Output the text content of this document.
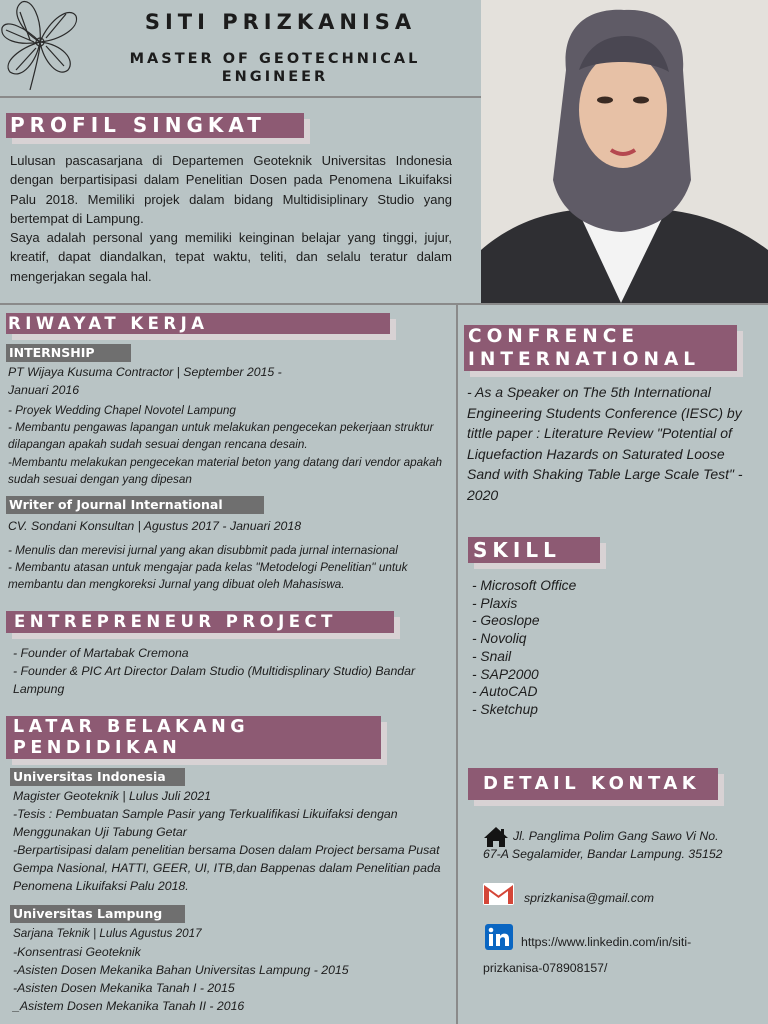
SITI PRIZKANISA
MASTER OF GEOTECHNICAL
ENGINEER
PROFIL SINGKAT
Lulusan pascasarjana di Departemen Geoteknik Universitas Indonesia dengan berpartisipasi dalam Penelitian Dosen pada Penomena Likuifaksi Palu 2018. Memiliki projek dalam bidang Multidisiplinary Studio yang bertempat di Lampung.
Saya adalah personal yang memiliki keinginan belajar yang tinggi, jujur, kreatif, dapat diandalkan, tepat waktu, teliti, dan selalu teratur dalam mengerjakan segala hal.
RIWAYAT KERJA
INTERNSHIP
PT Wijaya Kusuma Contractor | September 2015 - Januari 2016
- Proyek Wedding Chapel Novotel Lampung
- Membantu pengawas lapangan untuk melakukan pengecekan pekerjaan struktur dilapangan apakah sudah sesuai dengan rencana desain.
-Membantu melakukan pengecekan material beton yang datang dari vendor apakah sudah sesuai dengan yang dipesan
Writer of Journal International
CV. Sondani Konsultan | Agustus 2017 - Januari 2018
- Menulis dan merevisi jurnal yang akan disubbmit pada jurnal internasional
- Membantu atasan untuk mengajar pada kelas "Metodelogi Penelitian" untuk membantu dan mengkoreksi Jurnal yang dibuat oleh Mahasiswa.
ENTREPRENEUR PROJECT
- Founder of Martabak Cremona
- Founder & PIC Art Director Dalam Studio (Multidisplinary Studio) Bandar Lampung
LATAR BELAKANG
PENDIDIKAN
Universitas Indonesia
Magister Geoteknik | Lulus Juli 2021
-Tesis : Pembuatan Sample Pasir yang Terkualifikasi Likuifaksi dengan Menggunakan Uji Tabung Getar
-Berpartisipasi dalam penelitian bersama Dosen dalam Project bersama Pusat Gempa Nasional, HATTI, GEER, UI, ITB,dan Bappenas dalam Penelitian pada Penomena Likuifaksi Palu 2018.
Universitas Lampung
Sarjana Teknik | Lulus Agustus 2017
-Konsentrasi Geoteknik
-Asisten Dosen Mekanika Bahan Universitas Lampung - 2015
-Asisten Dosen Mekanika Tanah I - 2015
_Asistem Dosen Mekanika Tanah II - 2016
CONFRENCE
INTERNATIONAL
- As a Speaker on The 5th International Engineering Students Conference (IESC) by tittle paper : Literature Review "Potential of Liquefaction Hazards on Saturated Loose Sand with Shaking Table Large Scale Test" - 2020
SKILL
- Microsoft Office
- Plaxis
- Geoslope
- Novoliq
- Snail
- SAP2000
- AutoCAD
- Sketchup
DETAIL KONTAK
Jl. Panglima Polim Gang Sawo Vi No. 67-A Segalamider, Bandar Lampung. 35152
sprizkanisa@gmail.com
https://www.linkedin.com/in/siti-
prizkanisa-078908157/
